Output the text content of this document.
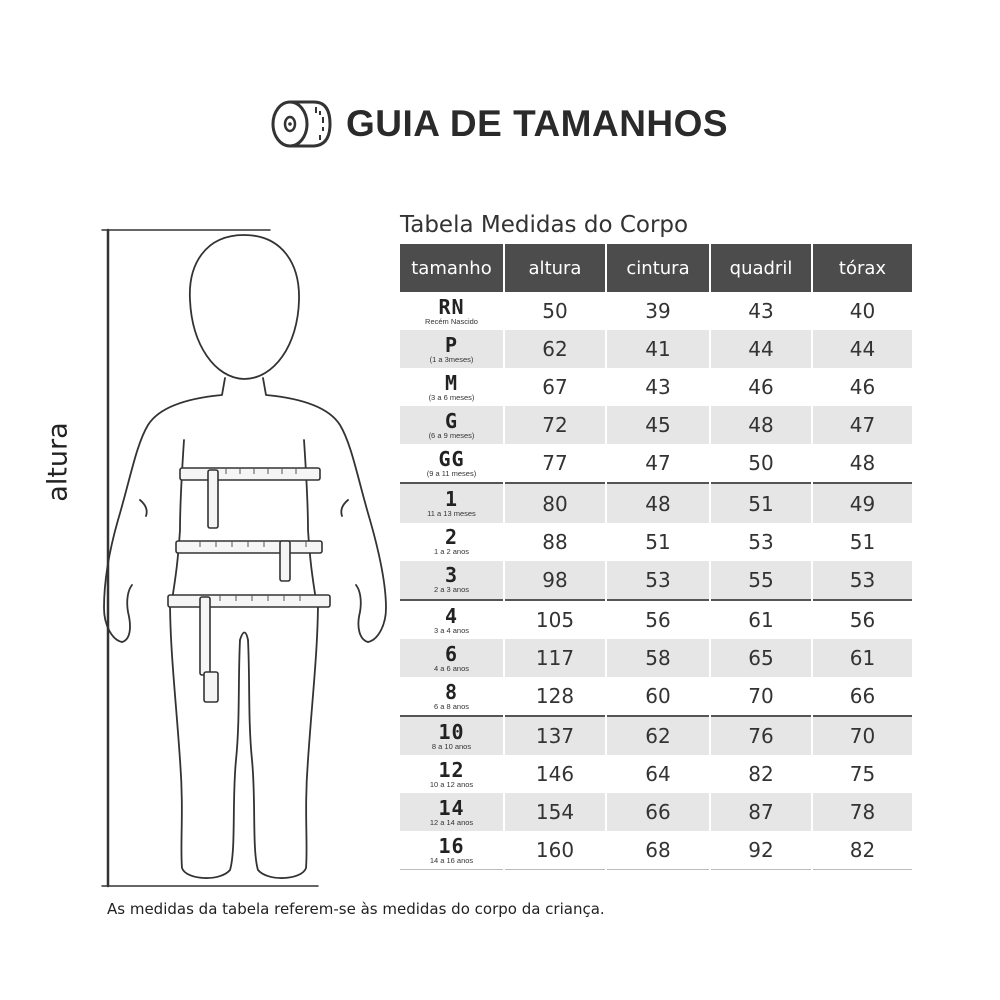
GUIA DE TAMANHOS
altura
Tabela Medidas do Corpo
tamanho	altura	cintura	quadril	tórax

RN
Recém Nascido	50	39	43	40

P
(1 a 3meses)	62	41	44	44

M
(3 a 6 meses)	67	43	46	46

G
(6 a 9 meses)	72	45	48	47

GG
(9 a 11 meses)	77	47	50	48

1
11 a 13 meses	80	48	51	49

2
1 a 2 anos	88	51	53	51

3
2 a 3 anos	98	53	55	53

4
3 a 4 anos	105	56	61	56

6
4 a 6 anos	117	58	65	61

8
6 a 8 anos	128	60	70	66

10
8 a 10 anos	137	62	76	70

12
10 a 12 anos	146	64	82	75

14
12 a 14 anos	154	66	87	78

16
14 a 16 anos	160	68	92	82

As medidas da tabela referem-se às medidas do corpo da criança.
